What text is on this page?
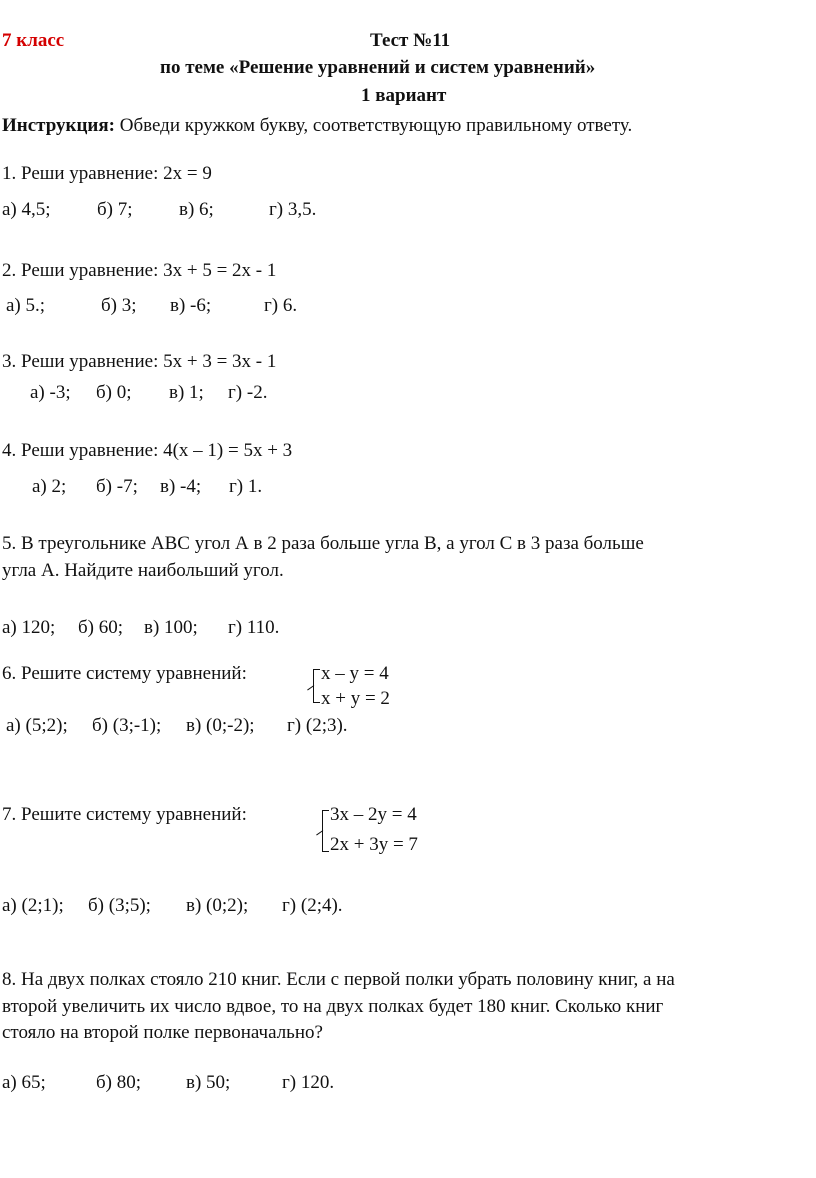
7 класс	Тест №11
по теме «Решение уравнений и систем уравнений»
1 вариант
Инструкция: Обведи кружком букву, соответствующую правильному ответу.
1. Реши уравнение: 2х = 9
а) 4,5; б) 7; в) 6;	г) 3,5.
2. Реши уравнение: 3х + 5 = 2х - 1
а) 5.;	б) 3; в) -6;	г) 6.
3. Реши уравнение: 5х + 3 = 3х - 1
а) -3; б) 0; в) 1; г) -2.
4. Реши уравнение: 4(х – 1) = 5х + 3
а) 2; б) -7; в) -4; г) 1.
5. В треугольнике АВС угол А в 2 раза больше угла В, а угол С в 3 раза больше
угла А. Найдите наибольший угол.
а) 120; б) 60; в) 100; г) 110.
6. Решите систему уравнений:	х – у = 4
х + у = 2
а) (5;2); б) (3;-1); в) (0;-2); г) (2;3).
7. Решите систему уравнений:	3х – 2у = 4
2х + 3у = 7
а) (2;1); б) (3;5); в) (0;2); г) (2;4).
8. На двух полках стояло 210 книг. Если с первой полки убрать половину книг, а на
второй увеличить их число вдвое, то на двух полках будет 180 книг. Сколько книг
стояло на второй полке первоначально?
а) 65;	б) 80; в) 50;	г) 120.
